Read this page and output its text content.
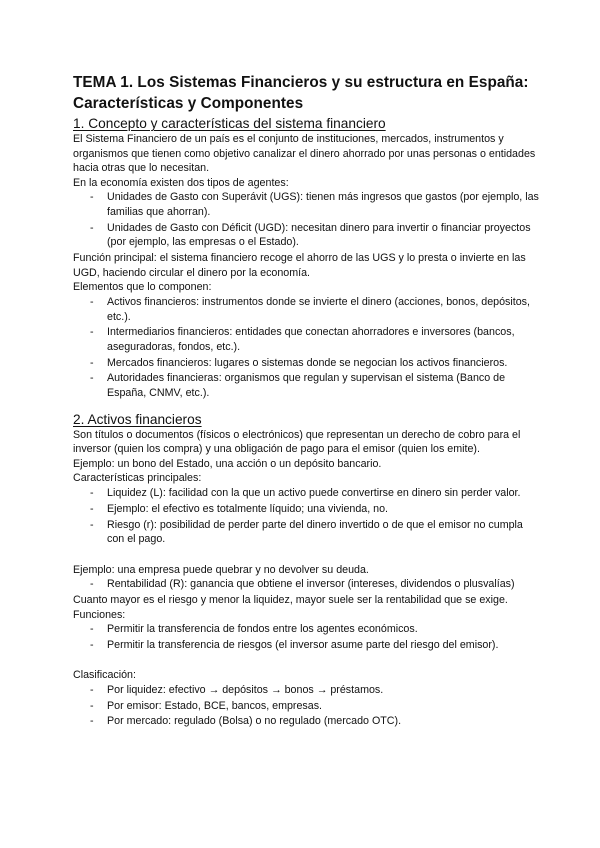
TEMA 1. Los Sistemas Financieros y su estructura en España: Características y Componentes
1. Concepto y características del sistema financiero

El Sistema Financiero de un país es el conjunto de instituciones, mercados, instrumentos y organismos que tienen como objetivo canalizar el dinero ahorrado por unas personas o entidades hacia otras que lo necesitan.

En la economía existen dos tipos de agentes:

- Unidades de Gasto con Superávit (UGS): tienen más ingresos que gastos (por ejemplo, las familias que ahorran).
- Unidades de Gasto con Déficit (UGD): necesitan dinero para invertir o financiar proyectos (por ejemplo, las empresas o el Estado).

Función principal: el sistema financiero recoge el ahorro de las UGS y lo presta o invierte en las UGD, haciendo circular el dinero por la economía.

Elementos que lo componen:

- Activos financieros: instrumentos donde se invierte el dinero (acciones, bonos, depósitos, etc.).
- Intermediarios financieros: entidades que conectan ahorradores e inversores (bancos, aseguradoras, fondos, etc.).
- Mercados financieros: lugares o sistemas donde se negocian los activos financieros.
- Autoridades financieras: organismos que regulan y supervisan el sistema (Banco de España, CNMV, etc.).
2. Activos financieros

Son títulos o documentos (físicos o electrónicos) que representan un derecho de cobro para el inversor (quien los compra) y una obligación de pago para el emisor (quien los emite).

Ejemplo: un bono del Estado, una acción o un depósito bancario.

Características principales:

- Liquidez (L): facilidad con la que un activo puede convertirse en dinero sin perder valor.
- Ejemplo: el efectivo es totalmente líquido; una vivienda, no.
- Riesgo (r): posibilidad de perder parte del dinero invertido o de que el emisor no cumpla con el pago.

Ejemplo: una empresa puede quebrar y no devolver su deuda.

- Rentabilidad (R): ganancia que obtiene el inversor (intereses, dividendos o plusvalías)

Cuanto mayor es el riesgo y menor la liquidez, mayor suele ser la rentabilidad que se exige.

Funciones:

- Permitir la transferencia de fondos entre los agentes económicos.
- Permitir la transferencia de riesgos (el inversor asume parte del riesgo del emisor).

Clasificación:

- Por liquidez: efectivo → depósitos → bonos → préstamos.
- Por emisor: Estado, BCE, bancos, empresas.
- Por mercado: regulado (Bolsa) o no regulado (mercado OTC).
